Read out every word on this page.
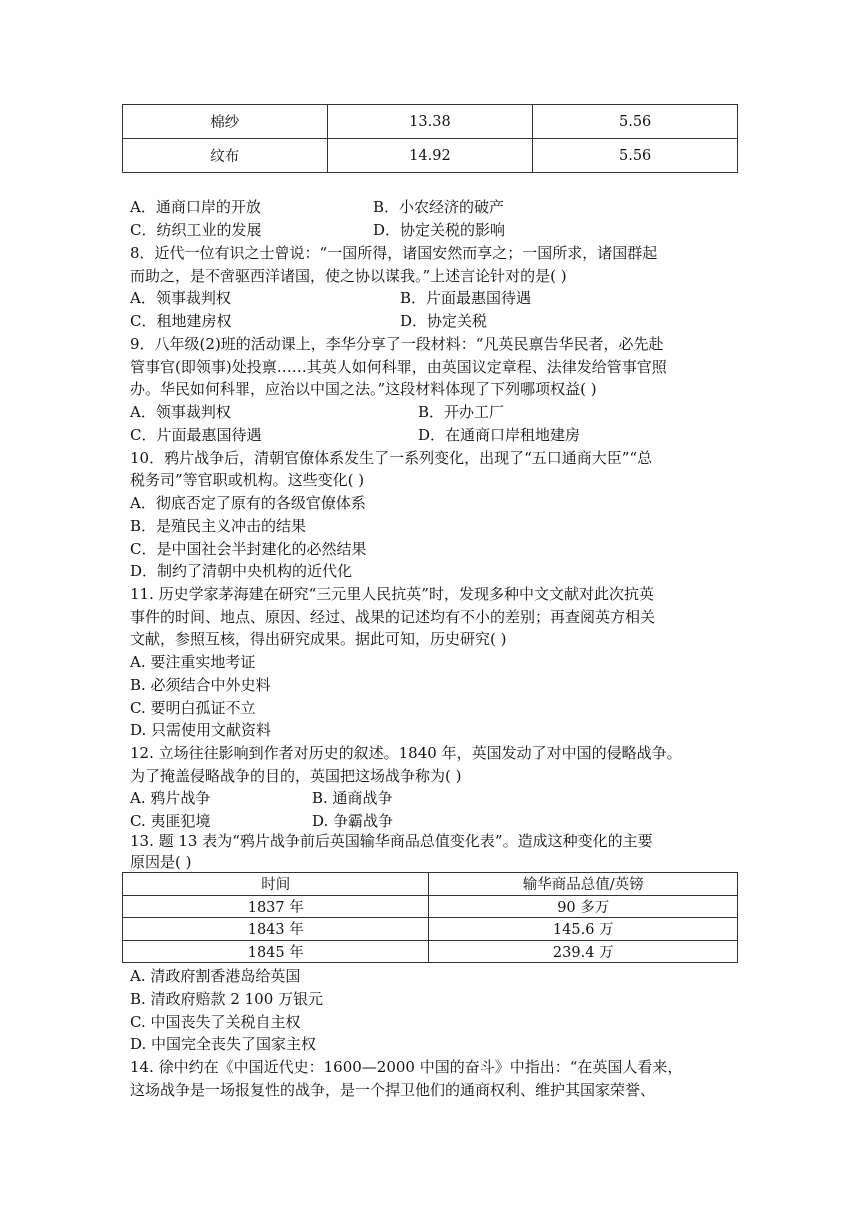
棉纱	13.38	5.56
纹布	14.92	5.56
A．通商口岸的开放	B．小农经济的破产
C．纺织工业的发展	D．协定关税的影响
8．近代一位有识之士曾说：“一国所得，诸国安然而享之；一国所求，诸国群起
而助之，是不啻驱西洋诸国，使之协以谋我。”上述言论针对的是( )
A．领事裁判权	B．片面最惠国待遇
C．租地建房权	D．协定关税
9．八年级(2)班的活动课上，李华分享了一段材料：“凡英民禀告华民者，必先赴
管事官(即领事)处投禀……其英人如何科罪，由英国议定章程、法律发给管事官照
办。华民如何科罪，应治以中国之法。”这段材料体现了下列哪项权益( )
A．领事裁判权	B．开办工厂
C．片面最惠国待遇	D．在通商口岸租地建房
10．鸦片战争后，清朝官僚体系发生了一系列变化，出现了“五口通商大臣”“总
税务司”等官职或机构。这些变化( )
A．彻底否定了原有的各级官僚体系
B．是殖民主义冲击的结果
C．是中国社会半封建化的必然结果
D．制约了清朝中央机构的近代化
11. 历史学家茅海建在研究“三元里人民抗英”时，发现多种中文文献对此次抗英
事件的时间、地点、原因、经过、战果的记述均有不小的差别；再查阅英方相关
文献，参照互核，得出研究成果。据此可知，历史研究( )
A. 要注重实地考证
B. 必须结合中外史料
C. 要明白孤证不立
D. 只需使用文献资料
12. 立场往往影响到作者对历史的叙述。1840 年，英国发动了对中国的侵略战争。
为了掩盖侵略战争的目的，英国把这场战争称为( )
A. 鸦片战争	B. 通商战争
C. 夷匪犯境	D. 争霸战争
13. 题 13 表为“鸦片战争前后英国输华商品总值变化表”。造成这种变化的主要
原因是( )
时间	输华商品总值/英镑
1837 年	90 多万
1843 年	145.6 万
1845 年	239.4 万
A. 清政府割香港岛给英国
B. 清政府赔款 2 100 万银元
C. 中国丧失了关税自主权
D. 中国完全丧失了国家主权
14. 徐中约在《中国近代史：1600—2000 中国的奋斗》中指出：“在英国人看来，
这场战争是一场报复性的战争，是一个捍卫他们的通商权利、维护其国家荣誉、
